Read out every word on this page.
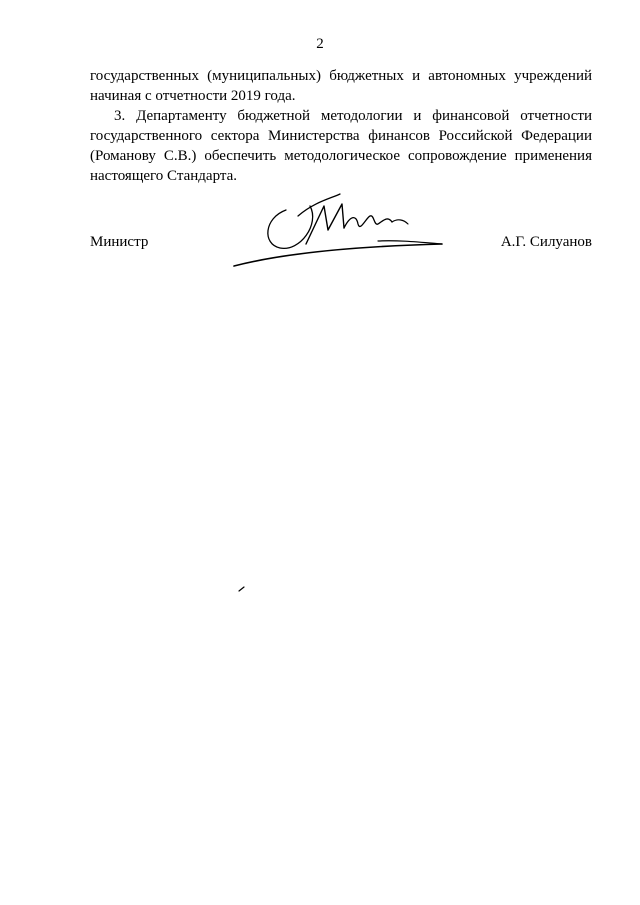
2

государственных (муниципальных) бюджетных и автономных учреждений
начиная с отчетности 2019 года.

3. Департаменту бюджетной методологии и финансовой отчетности
государственного сектора Министерства финансов Российской Федерации
(Романову С.В.) обеспечить методологическое сопровождение применения
настоящего Стандарта.

Министр	А.Г. Силуанов
